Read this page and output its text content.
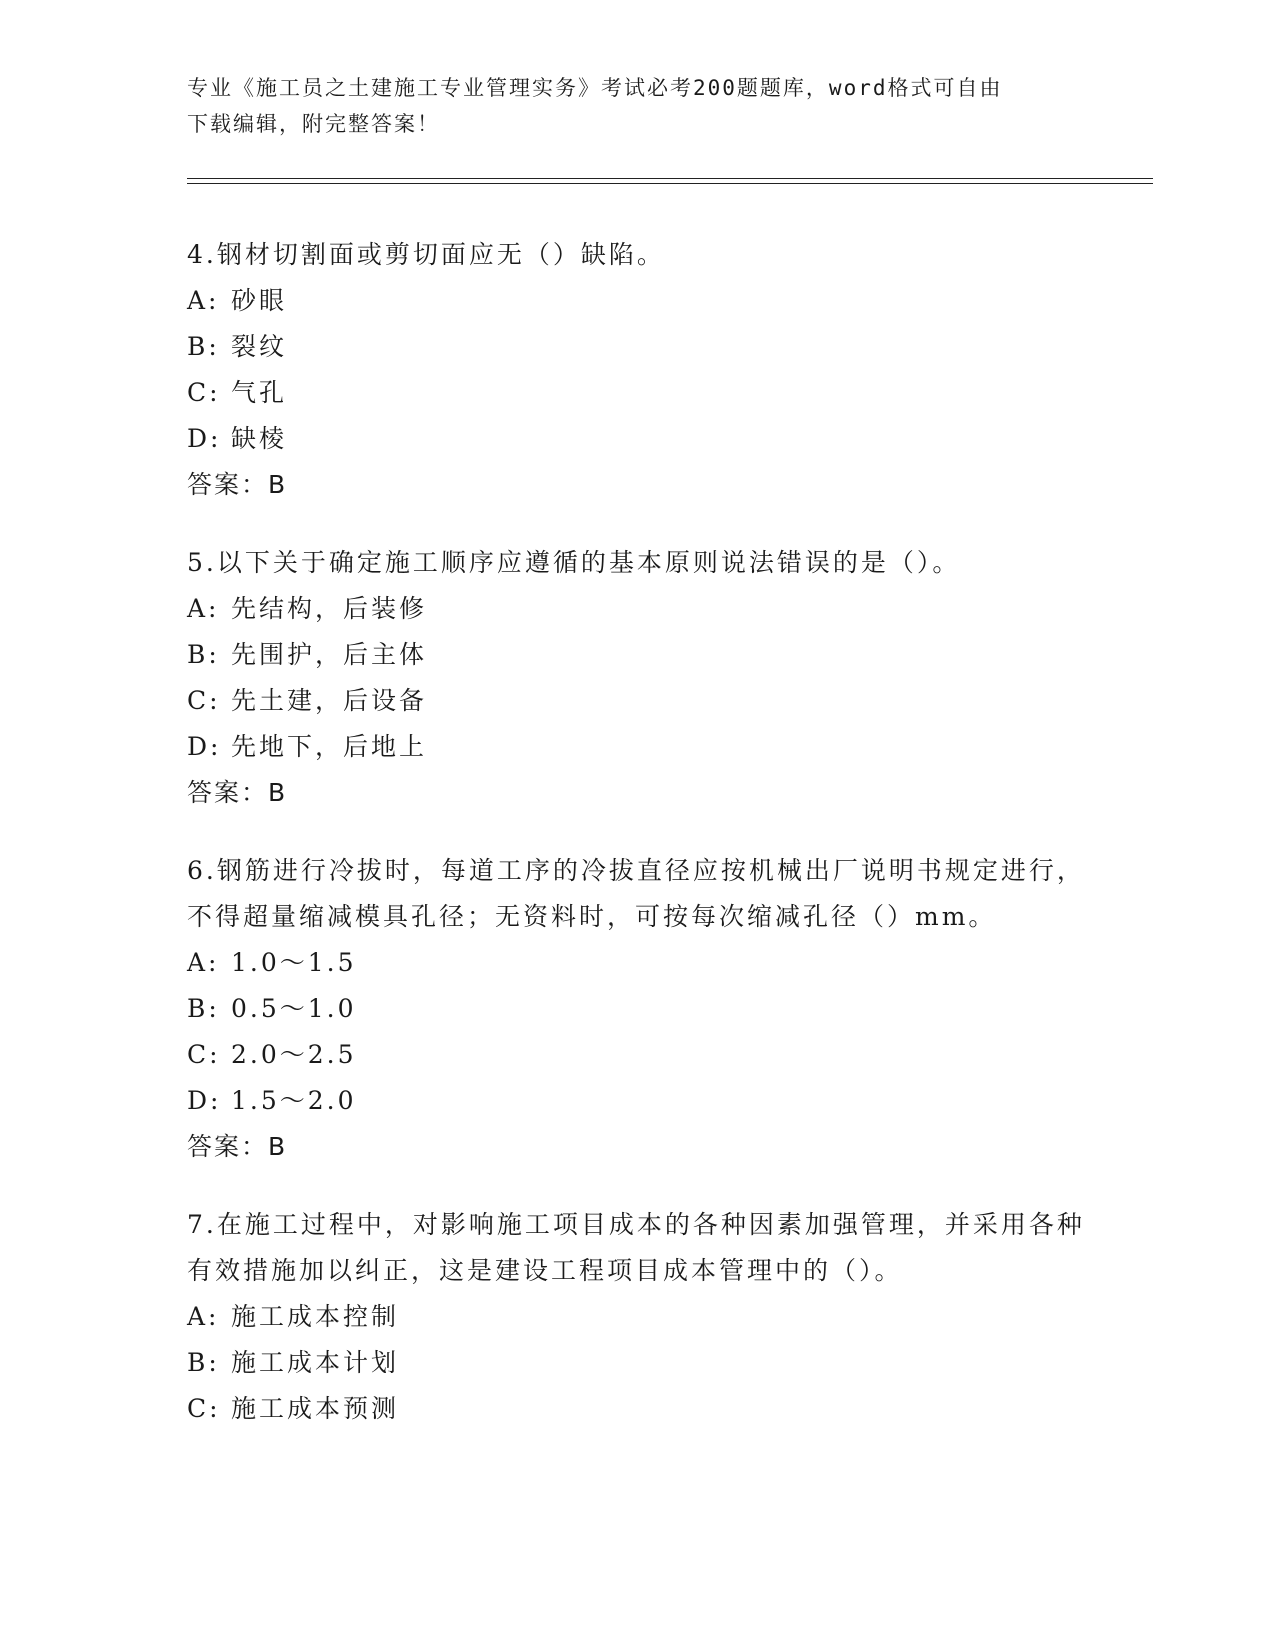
专业《施工员之土建施工专业管理实务》考试必考200题题库，word格式可自由
下载编辑，附完整答案！
4.钢材切割面或剪切面应无（）缺陷。
A: 砂眼
B: 裂纹
C: 气孔
D: 缺棱
答案：B
5.以下关于确定施工顺序应遵循的基本原则说法错误的是（）。
A: 先结构，后装修
B: 先围护，后主体
C: 先土建，后设备
D: 先地下，后地上
答案：B
6.钢筋进行冷拔时，每道工序的冷拔直径应按机械出厂说明书规定进行，不得超量缩减模具孔径；无资料时，可按每次缩减孔径（）mm。
A: 1.0～1.5
B: 0.5～1.0
C: 2.0～2.5
D: 1.5～2.0
答案：B
7.在施工过程中，对影响施工项目成本的各种因素加强管理，并采用各种有效措施加以纠正，这是建设工程项目成本管理中的（）。
A: 施工成本控制
B: 施工成本计划
C: 施工成本预测
